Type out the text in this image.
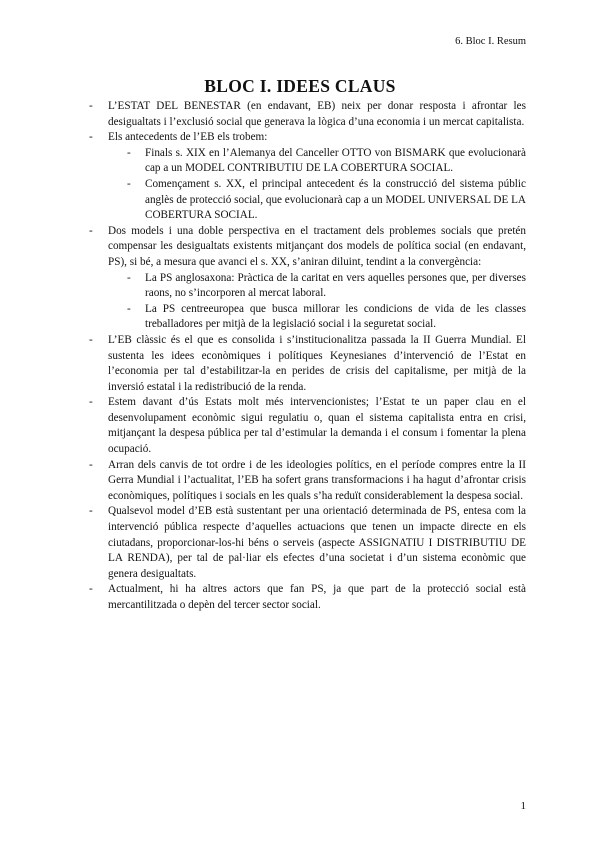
6. Bloc I. Resum
BLOC I. IDEES CLAUS
- L’ESTAT DEL BENESTAR (en endavant, EB) neix per donar resposta i afrontar les desigualtats i l’exclusió social que generava la lògica d’una economia i un mercat capitalista.
- Els antecedents de l’EB els trobem:
- Finals s. XIX en l’Alemanya del Canceller OTTO von BISMARK que evolucionarà cap a un MODEL CONTRIBUTIU DE LA COBERTURA SOCIAL.
- Començament s. XX, el principal antecedent és la construcció del sistema públic anglès de protecció social, que evolucionarà cap a un MODEL UNIVERSAL DE LA COBERTURA SOCIAL.
- Dos models i una doble perspectiva en el tractament dels problemes socials que pretén compensar les desigualtats existents mitjançant dos models de política social (en endavant, PS), si bé, a mesura que avanci el s. XX, s’aniran diluint, tendint a la convergència:
- La PS anglosaxona: Pràctica de la caritat en vers aquelles persones que, per diverses raons, no s’incorporen al mercat laboral.
- La PS centreeuropea que busca millorar les condicions de vida de les classes treballadores per mitjà de la legislació social i la seguretat social.
- L’EB clàssic és el que es consolida i s’institucionalitza passada la II Guerra Mundial. El sustenta les idees econòmiques i polítiques Keynesianes d’intervenció de l’Estat en l’economia per tal d’estabilitzar-la en perides de crisis del capitalisme, per mitjà de la inversió estatal i la redistribució de la renda.
- Estem davant d’ús Estats molt més intervencionistes; l’Estat te un paper clau en el desenvolupament econòmic sigui regulatiu o, quan el sistema capitalista entra en crisi, mitjançant la despesa pública per tal d’estimular la demanda i el consum i fomentar la plena ocupació.
- Arran dels canvis de tot ordre i de les ideologies polítics, en el període compres entre la II Gerra Mundial i l’actualitat, l’EB ha sofert grans transformacions i ha hagut d’afrontar crisis econòmiques, polítiques i socials en les quals s’ha reduït considerablement la despesa social.
- Qualsevol model d’EB està sustentant per una orientació determinada de PS, entesa com la intervenció pública respecte d’aquelles actuacions que tenen un impacte directe en els ciutadans, proporcionar-los-hi béns o serveis (aspecte ASSIGNATIU I DISTRIBUTIU DE LA RENDA), per tal de pal·liar els efectes d’una societat i d’un sistema econòmic que genera desigualtats.
- Actualment, hi ha altres actors que fan PS, ja que part de la protecció social està mercantilitzada o depèn del tercer sector social.
1
